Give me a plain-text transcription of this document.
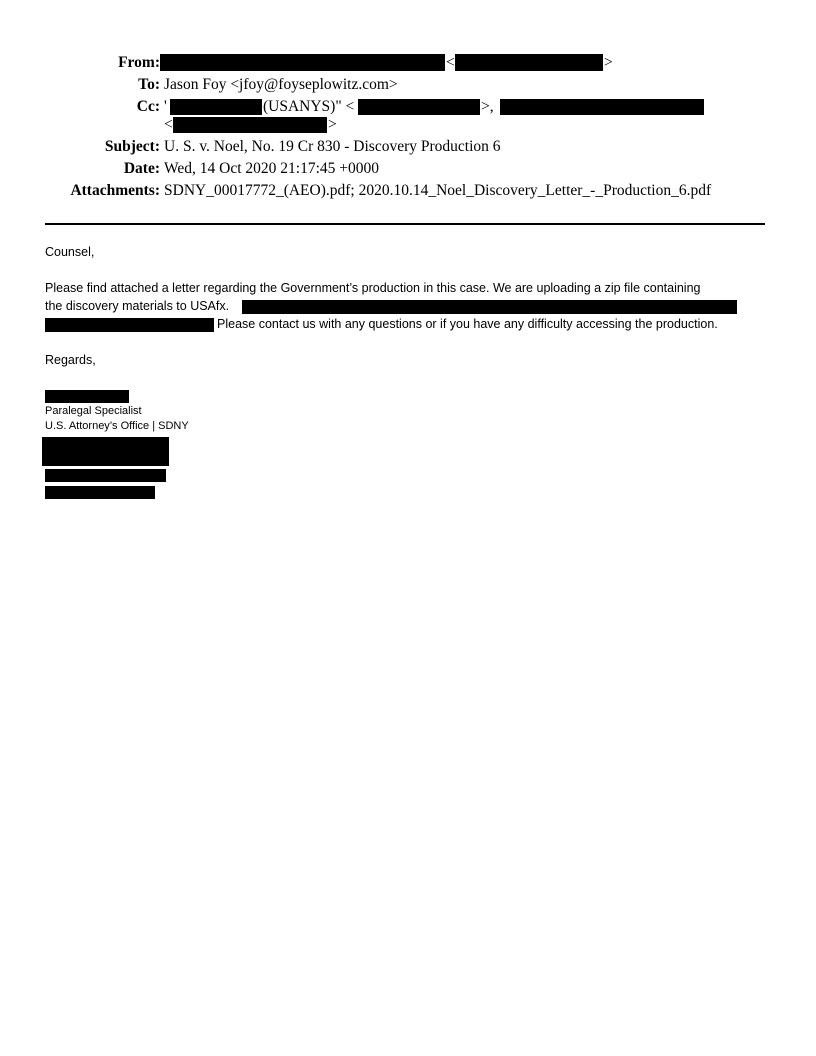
From:	<	>
To: Jason Foy <jfoy@foyseplowitz.com>
Cc: '	(USANYS)" <	>,
<	>
Subject: U. S. v. Noel, No. 19 Cr 830 - Discovery Production 6
Date: Wed, 14 Oct 2020 21:17:45 +0000
Attachments: SDNY_00017772_(AEO).pdf; 2020.10.14_Noel_Discovery_Letter_-_Production_6.pdf
Counsel,
Please find attached a letter regarding the Government’s production in this case. We are uploading a zip file containing
the discovery materials to USAfx.
Please contact us with any questions or if you have any difficulty accessing the production.
Regards,
Paralegal Specialist
U.S. Attorney’s Office | SDNY
